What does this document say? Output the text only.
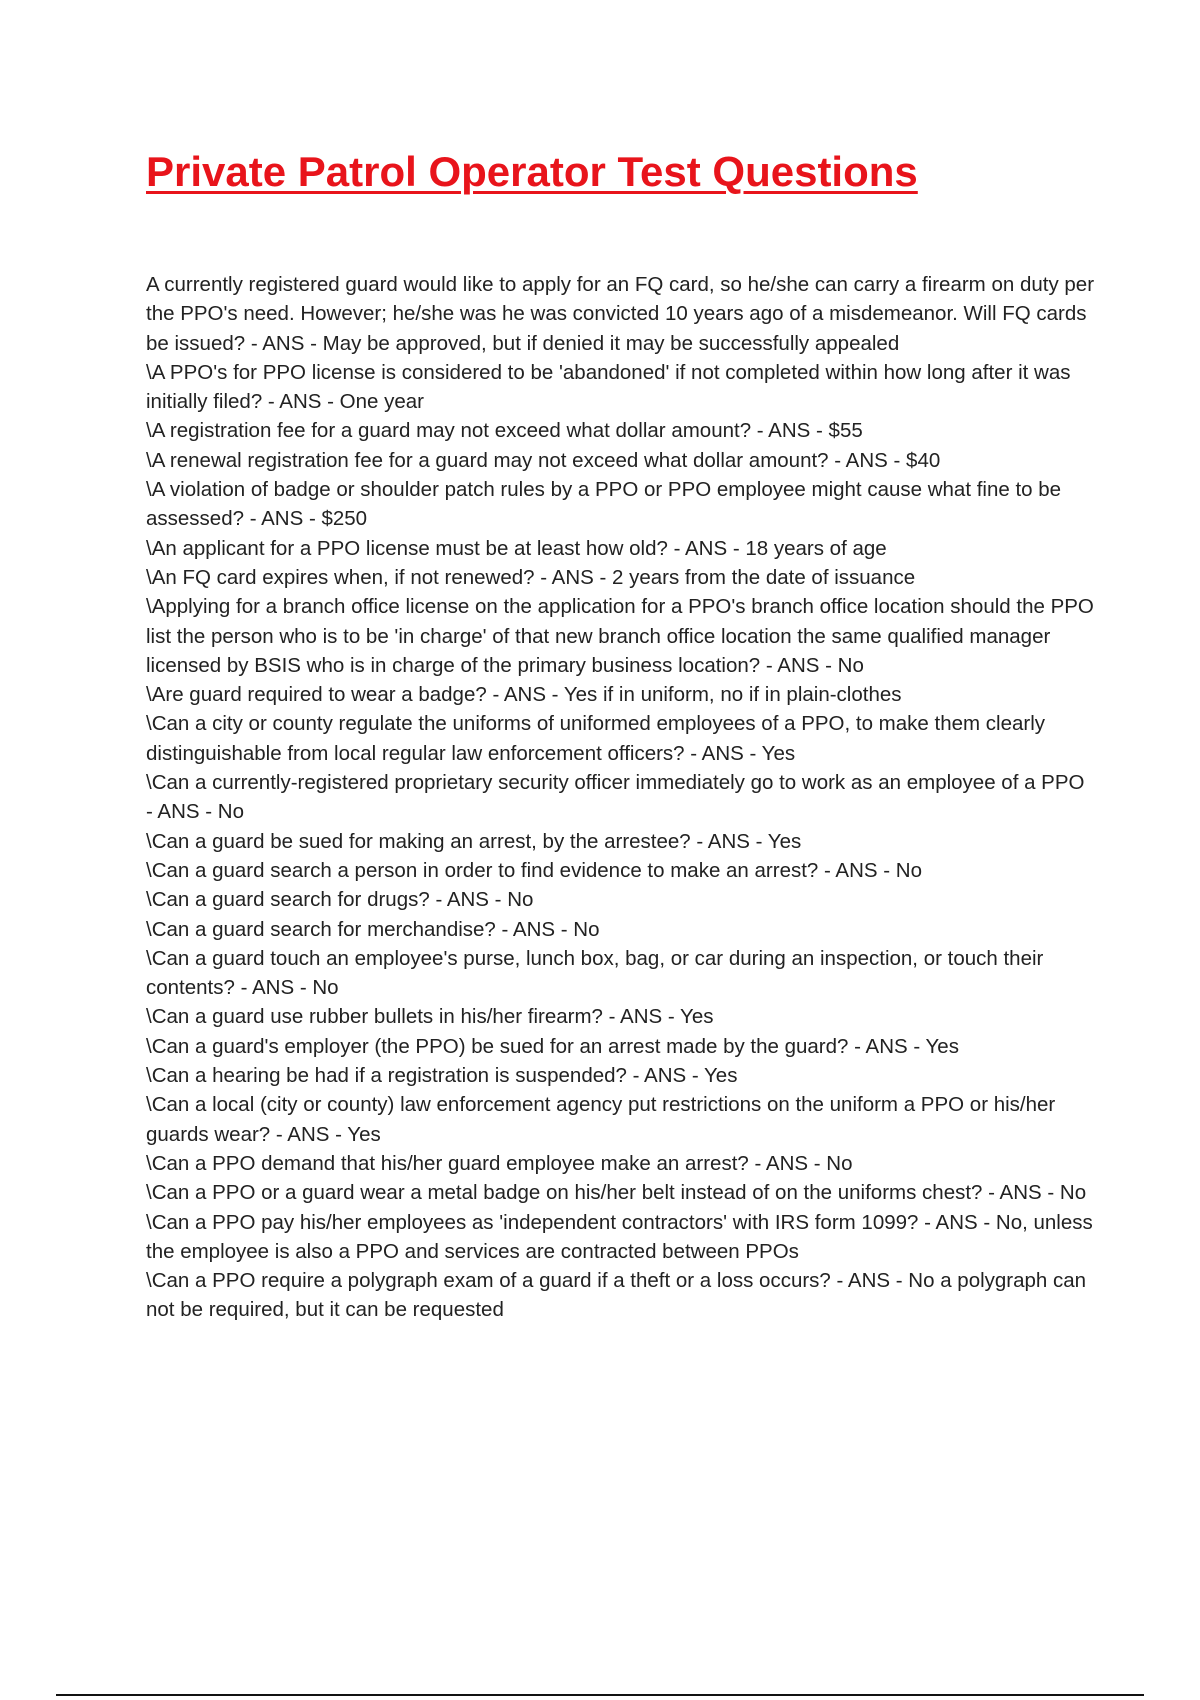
Private Patrol Operator Test Questions
A currently registered guard would like to apply for an FQ card, so he/she can carry a firearm on duty per the PPO's need. However; he/she was he was convicted 10 years ago of a misdemeanor. Will FQ cards be issued? - ANS - May be approved, but if denied it may be successfully appealed
\A PPO's for PPO license is considered to be 'abandoned' if not completed within how long after it was initially filed? - ANS - One year
\A registration fee for a guard may not exceed what dollar amount? - ANS - $55
\A renewal registration fee for a guard may not exceed what dollar amount? - ANS - $40
\A violation of badge or shoulder patch rules by a PPO or PPO employee might cause what fine to be assessed? - ANS - $250
\An applicant for a PPO license must be at least how old? - ANS - 18 years of age
\An FQ card expires when, if not renewed? - ANS - 2 years from the date of issuance
\Applying for a branch office license on the application for a PPO's branch office location should the PPO list the person who is to be 'in charge' of that new branch office location the same qualified manager licensed by BSIS who is in charge of the primary business location? - ANS - No
\Are guard required to wear a badge? - ANS - Yes if in uniform, no if in plain-clothes
\Can a city or county regulate the uniforms of uniformed employees of a PPO, to make them clearly distinguishable from local regular law enforcement officers? - ANS - Yes
\Can a currently-registered proprietary security officer immediately go to work as an employee of a PPO - ANS - No
\Can a guard be sued for making an arrest, by the arrestee? - ANS - Yes
\Can a guard search a person in order to find evidence to make an arrest? - ANS - No
\Can a guard search for drugs? - ANS - No
\Can a guard search for merchandise? - ANS - No
\Can a guard touch an employee's purse, lunch box, bag, or car during an inspection, or touch their contents? - ANS - No
\Can a guard use rubber bullets in his/her firearm? - ANS - Yes
\Can a guard's employer (the PPO) be sued for an arrest made by the guard? - ANS - Yes
\Can a hearing be had if a registration is suspended? - ANS - Yes
\Can a local (city or county) law enforcement agency put restrictions on the uniform a PPO or his/her guards wear? - ANS - Yes
\Can a PPO demand that his/her guard employee make an arrest? - ANS - No
\Can a PPO or a guard wear a metal badge on his/her belt instead of on the uniforms chest? - ANS - No
\Can a PPO pay his/her employees as 'independent contractors' with IRS form 1099? - ANS - No, unless the employee is also a PPO and services are contracted between PPOs
\Can a PPO require a polygraph exam of a guard if a theft or a loss occurs? - ANS - No a polygraph can not be required, but it can be requested
